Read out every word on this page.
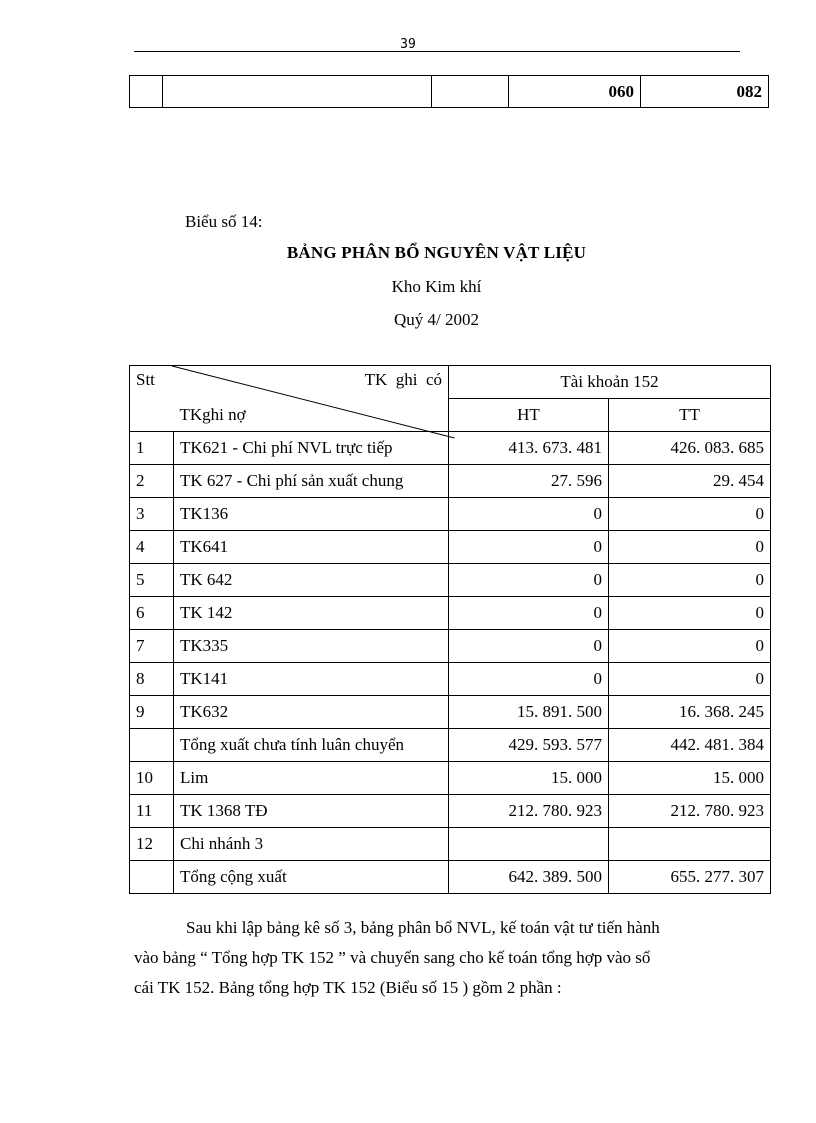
39
			060	082
Biểu số 14:
BẢNG PHÂN BỔ NGUYÊN VẬT LIỆU
Kho Kim khí
Quý 4/ 2002
Stt	TK  ghi  có
TKghi nợ	Tài khoản 152	
		HT	TT
1	TK621 - Chi phí NVL trực tiếp	413. 673. 481	426. 083. 685
2	TK 627 - Chi phí sản xuất chung	27. 596	29. 454
3	TK136	0	0
4	TK641	0	0
5	TK 642	0	0
6	TK 142	0	0
7	TK335	0	0
8	TK141	0	0
9	TK632	15. 891. 500	16. 368. 245
	Tổng xuất chưa tính luân chuyển	429. 593. 577	442. 481. 384
10	Lim	15. 000	15. 000
11	TK 1368 TĐ	212. 780. 923	212. 780. 923
12	Chi nhánh 3		
	Tổng cộng xuất	642. 389. 500	655. 277. 307

Sau khi lập bảng kê số 3, bảng phân bổ NVL, kế toán vật tư tiến hành

vào bảng “ Tổng hợp TK 152 ” và chuyển sang cho kế toán tổng hợp vào sổ

cái TK 152. Bảng tổng hợp TK 152 (Biểu số 15 ) gồm 2 phần :
